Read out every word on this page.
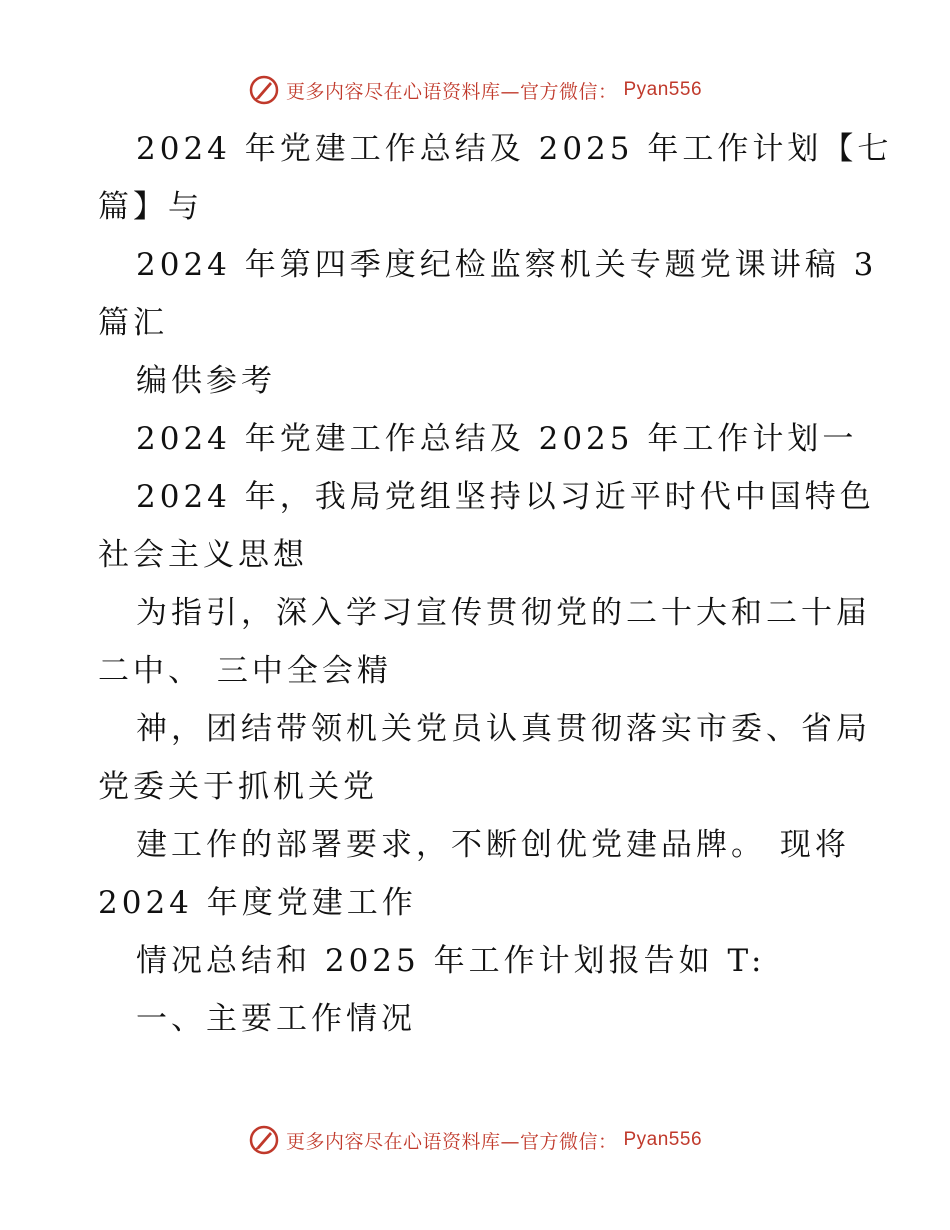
更多内容尽在心语资料库—官方微信： Pyan556

2024 年党建工作总结及 2025 年工作计划【七

篇】与

2024 年第四季度纪检监察机关专题党课讲稿 3

篇汇

编供参考

2024 年党建工作总结及 2025 年工作计划一

2024 年，我局党组坚持以习近平时代中国特色

社会主义思想

为指引，深入学习宣传贯彻党的二十大和二十届

二中、 三中全会精

神，团结带领机关党员认真贯彻落实市委、省局

党委关于抓机关党

建工作的部署要求，不断创优党建品牌。 现将

2024 年度党建工作

情况总结和 2025 年工作计划报告如 T:

一、主要工作情况

更多内容尽在心语资料库—官方微信： Pyan556
